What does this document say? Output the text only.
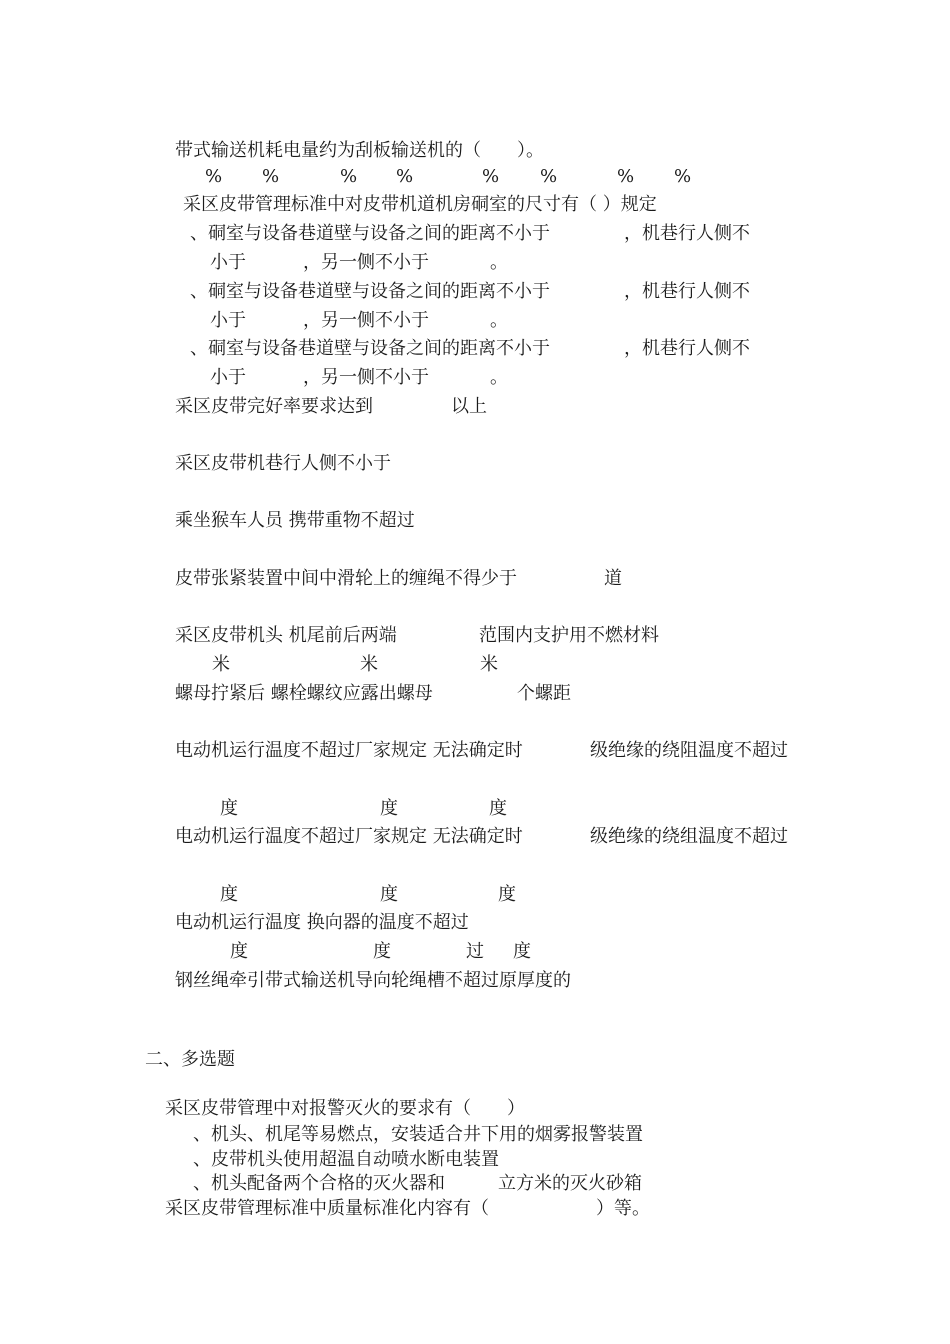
带式输送机耗电量约为刮板输送机的（　　）。
% %	% %	% %	% %
采区皮带管理标准中对皮带机道机房硐室的尺寸有（ ）规定
、硐室与设备巷道壁与设备之间的距离不小于	，机巷行人侧不
小于	，另一侧不小于	。
、硐室与设备巷道壁与设备之间的距离不小于	，机巷行人侧不
小于	，另一侧不小于	。
、硐室与设备巷道壁与设备之间的距离不小于	，机巷行人侧不
小于	，另一侧不小于	。
采区皮带完好率要求达到	以上
采区皮带机巷行人侧不小于
乘坐猴车人员 携带重物不超过
皮带张紧装置中间中滑轮上的缠绳不得少于	道
采区皮带机头 机尾前后两端	范围内支护用不燃材料
米	米	米
螺母拧紧后 螺栓螺纹应露出螺母	个螺距
电动机运行温度不超过厂家规定 无法确定时	级绝缘的绕阻温度不超过
度	度	度
电动机运行温度不超过厂家规定 无法确定时	级绝缘的绕组温度不超过
度	度	度
电动机运行温度 换向器的温度不超过
度	度	过 度
钢丝绳牵引带式输送机导向轮绳槽不超过原厚度的
二、多选题
采区皮带管理中对报警灭火的要求有（　　）
、机头、机尾等易燃点，安装适合井下用的烟雾报警装置
、皮带机头使用超温自动喷水断电装置
、机头配备两个合格的灭火器和	立方米的灭火砂箱
采区皮带管理标准中质量标准化内容有（	）等。
